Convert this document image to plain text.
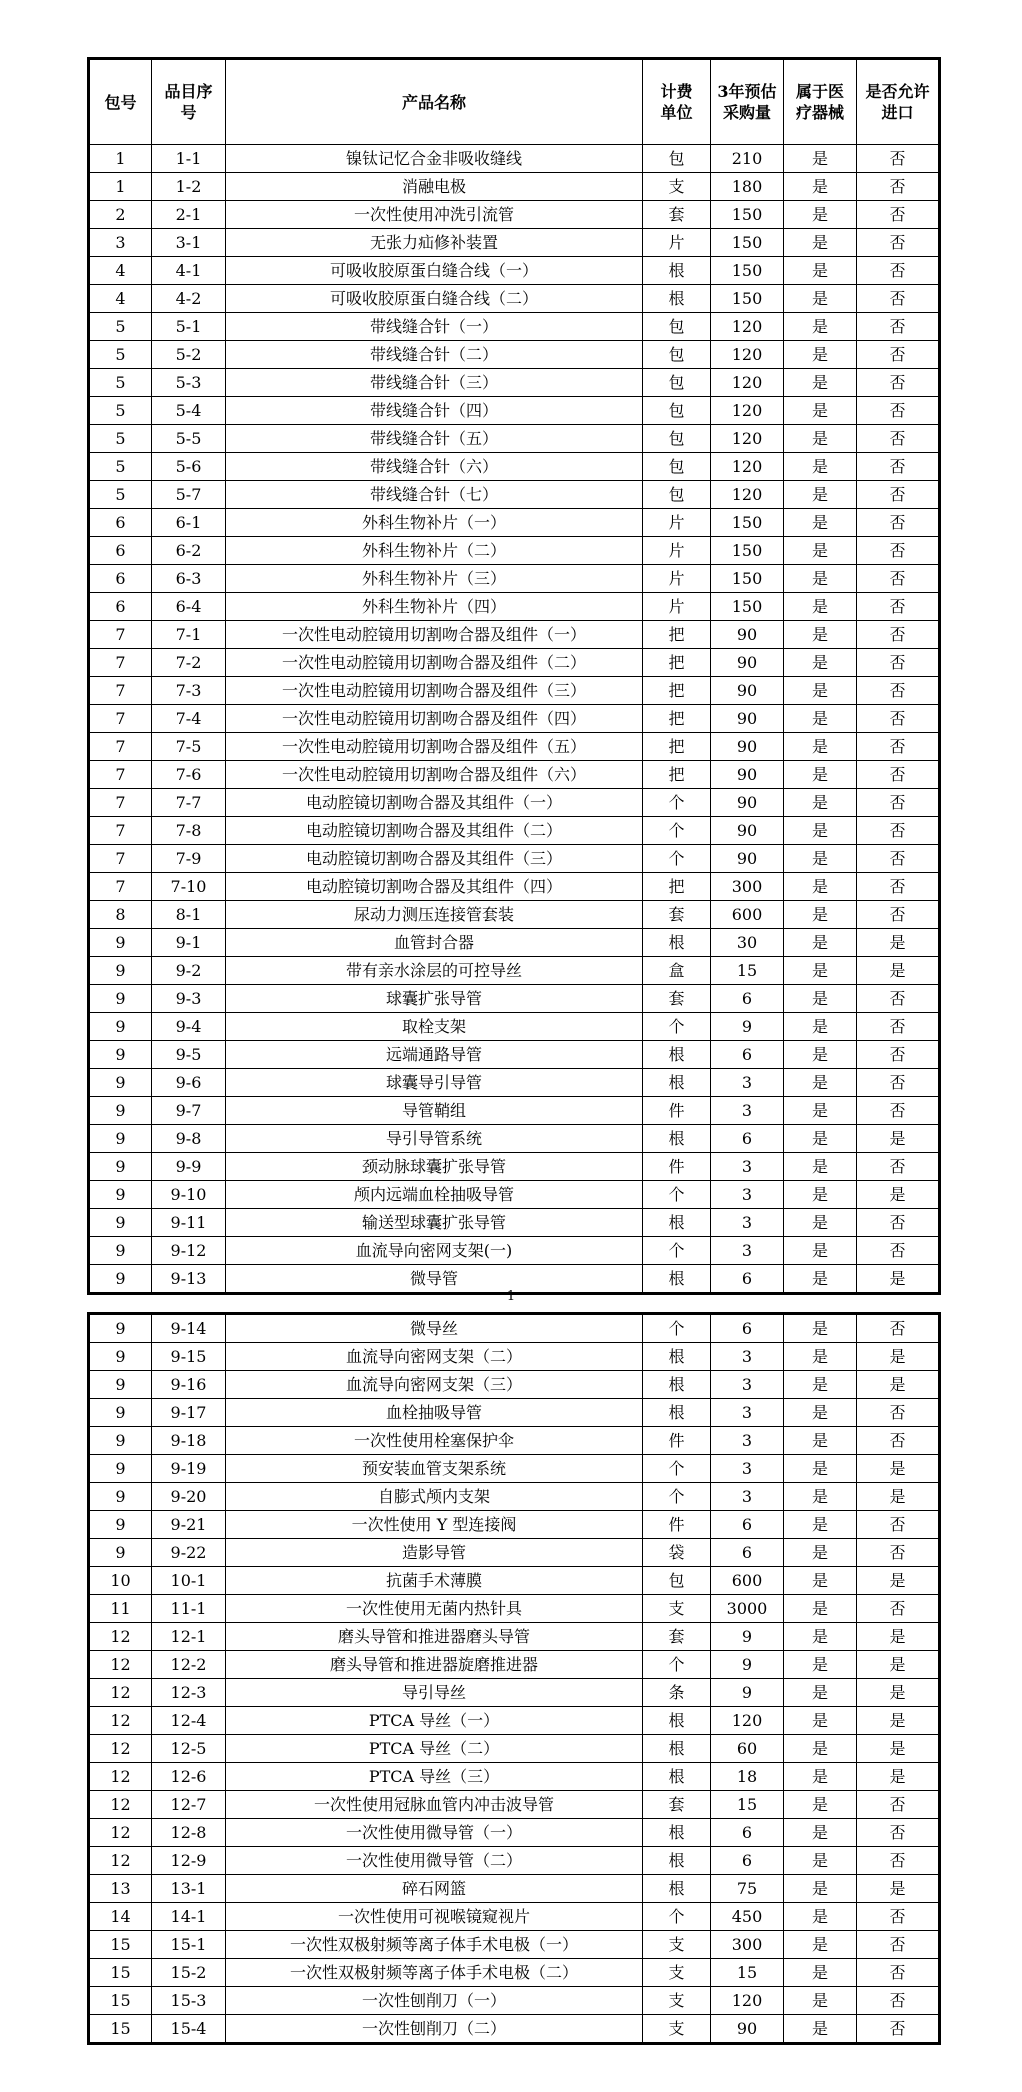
包号	品目序号	产品名称	计费单位	3年预估采购量	属于医疗器械	是否允许进口
1	1-1	镍钛记忆合金非吸收缝线	包	210	是	否
1	1-2	消融电极	支	180	是	否
2	2-1	一次性使用冲洗引流管	套	150	是	否
3	3-1	无张力疝修补装置	片	150	是	否
4	4-1	可吸收胶原蛋白缝合线（一）	根	150	是	否
4	4-2	可吸收胶原蛋白缝合线（二）	根	150	是	否
5	5-1	带线缝合针（一）	包	120	是	否
5	5-2	带线缝合针（二）	包	120	是	否
5	5-3	带线缝合针（三）	包	120	是	否
5	5-4	带线缝合针（四）	包	120	是	否
5	5-5	带线缝合针（五）	包	120	是	否
5	5-6	带线缝合针（六）	包	120	是	否
5	5-7	带线缝合针（七）	包	120	是	否
6	6-1	外科生物补片（一）	片	150	是	否
6	6-2	外科生物补片（二）	片	150	是	否
6	6-3	外科生物补片（三）	片	150	是	否
6	6-4	外科生物补片（四）	片	150	是	否
7	7-1	一次性电动腔镜用切割吻合器及组件（一）	把	90	是	否
7	7-2	一次性电动腔镜用切割吻合器及组件（二）	把	90	是	否
7	7-3	一次性电动腔镜用切割吻合器及组件（三）	把	90	是	否
7	7-4	一次性电动腔镜用切割吻合器及组件（四）	把	90	是	否
7	7-5	一次性电动腔镜用切割吻合器及组件（五）	把	90	是	否
7	7-6	一次性电动腔镜用切割吻合器及组件（六）	把	90	是	否
7	7-7	电动腔镜切割吻合器及其组件（一）	个	90	是	否
7	7-8	电动腔镜切割吻合器及其组件（二）	个	90	是	否
7	7-9	电动腔镜切割吻合器及其组件（三）	个	90	是	否
7	7-10	电动腔镜切割吻合器及其组件（四）	把	300	是	否
8	8-1	尿动力测压连接管套装	套	600	是	否
9	9-1	血管封合器	根	30	是	是
9	9-2	带有亲水涂层的可控导丝	盒	15	是	是
9	9-3	球囊扩张导管	套	6	是	否
9	9-4	取栓支架	个	9	是	否
9	9-5	远端通路导管	根	6	是	否
9	9-6	球囊导引导管	根	3	是	否
9	9-7	导管鞘组	件	3	是	否
9	9-8	导引导管系统	根	6	是	是
9	9-9	颈动脉球囊扩张导管	件	3	是	否
9	9-10	颅内远端血栓抽吸导管	个	3	是	是
9	9-11	输送型球囊扩张导管	根	3	是	否
9	9-12	血流导向密网支架(一)	个	3	是	否
9	9-13	微导管	根	6	是	是
1
9	9-14	微导丝	个	6	是	否
9	9-15	血流导向密网支架（二）	根	3	是	是
9	9-16	血流导向密网支架（三）	根	3	是	是
9	9-17	血栓抽吸导管	根	3	是	否
9	9-18	一次性使用栓塞保护伞	件	3	是	否
9	9-19	预安装血管支架系统	个	3	是	是
9	9-20	自膨式颅内支架	个	3	是	是
9	9-21	一次性使用 Y 型连接阀	件	6	是	否
9	9-22	造影导管	袋	6	是	否
10	10-1	抗菌手术薄膜	包	600	是	是
11	11-1	一次性使用无菌内热针具	支	3000	是	否
12	12-1	磨头导管和推进器磨头导管	套	9	是	是
12	12-2	磨头导管和推进器旋磨推进器	个	9	是	是
12	12-3	导引导丝	条	9	是	是
12	12-4	PTCA 导丝（一）	根	120	是	是
12	12-5	PTCA 导丝（二）	根	60	是	是
12	12-6	PTCA 导丝（三）	根	18	是	是
12	12-7	一次性使用冠脉血管内冲击波导管	套	15	是	否
12	12-8	一次性使用微导管（一）	根	6	是	否
12	12-9	一次性使用微导管（二）	根	6	是	否
13	13-1	碎石网篮	根	75	是	是
14	14-1	一次性使用可视喉镜窥视片	个	450	是	否
15	15-1	一次性双极射频等离子体手术电极（一）	支	300	是	否
15	15-2	一次性双极射频等离子体手术电极（二）	支	15	是	否
15	15-3	一次性刨削刀（一）	支	120	是	否
15	15-4	一次性刨削刀（二）	支	90	是	否
